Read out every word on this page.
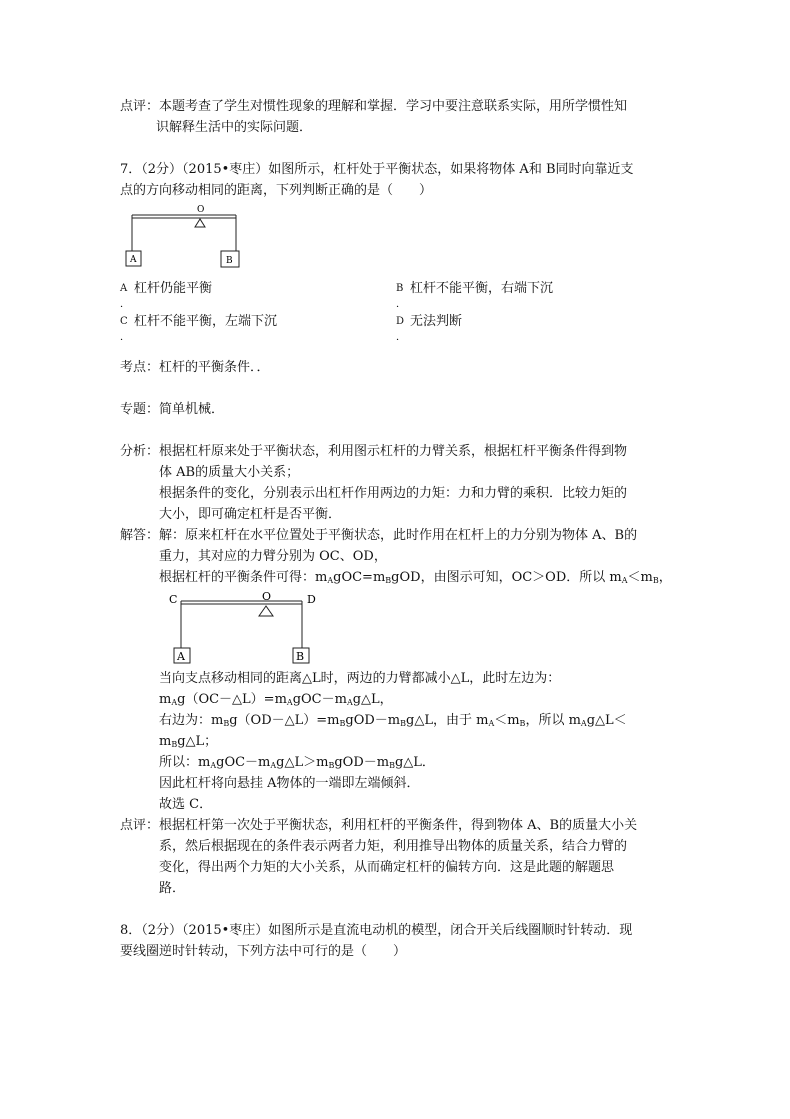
点评： 本题考查了学生对惯性现象的理解和掌握．学习中要注意联系实际，用所学惯性知

识解释生活中的实际问题．

7．（2分）（2015•枣庄）如图所示，杠杆处于平衡状态，如果将物体 A和 B同时向靠近支

点的方向移动相同的距离，下列判断正确的是（　　）

O
A	B
A
．
杠杆仍能平衡	B
．
杠杆不能平衡，右端下沉
C
．
杠杆不能平衡，左端下沉	D
．
无法判断
考点： 杠杆的平衡条件．．
专题： 简单机械．
分析： 根据杠杆原来处于平衡状态，利用图示杠杆的力臂关系，根据杠杆平衡条件得到物

体 AB的质量大小关系；

根据条件的变化，分别表示出杠杆作用两边的力矩：力和力臂的乘积．比较力矩的

大小，即可确定杠杆是否平衡．

解答： 解：原来杠杆在水平位置处于平衡状态，此时作用在杠杆上的力分别为物体 A、B的

重力，其对应的力臂分别为 OC、OD，

根据杠杆的平衡条件可得：$m_AgOC=m_BgOD$，由图示可知，OC＞OD．所以 $m_A<m_B$，

C	O	D
A	B

当向支点移动相同的距离△L时，两边的力臂都减小△L，此时左边为：

$m_Ag(OC-\triangle L)=m_AgOC-m_Ag\triangle L$，

右边为：$m_Bg(OD-\triangle L)=m_BgOD-m_Bg\triangle L$，由于 $m_A<m_B$，所以 $m_Ag\triangle L<m_Bg\triangle L$；

所以：$m_AgOC-m_Ag\triangle L>m_BgOD-m_Bg\triangle L$．

因此杠杆将向悬挂 A物体的一端即左端倾斜．

故选 C．

点评： 根据杠杆第一次处于平衡状态，利用杠杆的平衡条件，得到物体 A、B的质量大小关

系，然后根据现在的条件表示两者力矩，利用推导出物体的质量关系，结合力臂的

变化，得出两个力矩的大小关系，从而确定杠杆的偏转方向．这是此题的解题思

路．

8．（2分）（2015•枣庄）如图所示是直流电动机的模型，闭合开关后线圈顺时针转动．现

要线圈逆时针转动，下列方法中可行的是（　　）
